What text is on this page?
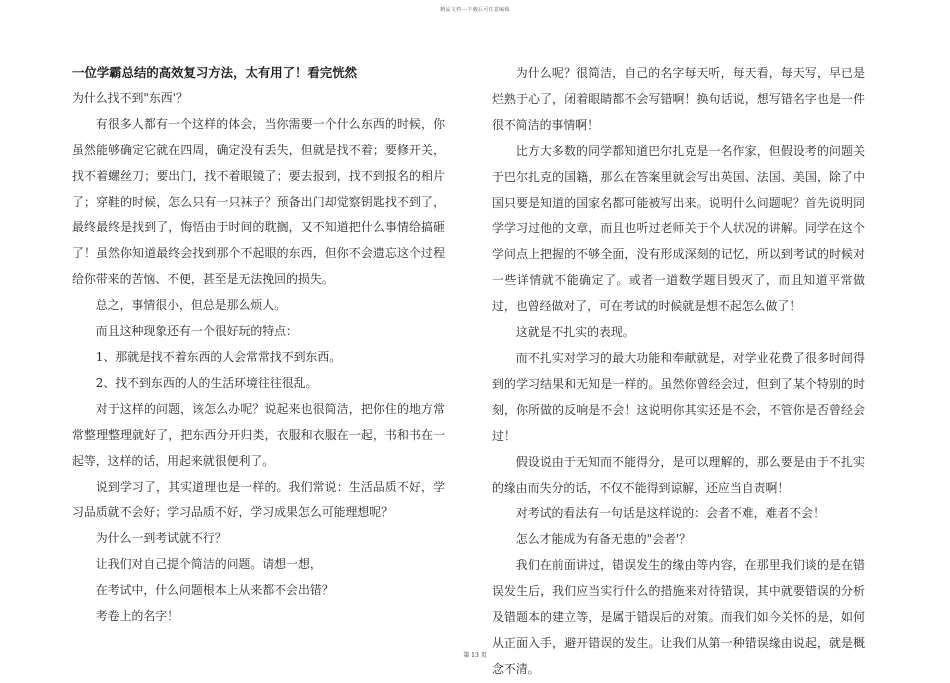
精品文档---下载后可任意编辑

一位学霸总结的高效复习方法，太有用了！看完恍然

为什么找不到"东西'？

有很多人都有一个这样的体会，当你需要一个什么东西的时候，你虽然能够确定它就在四周，确定没有丢失，但就是找不着；要修开关，找不着螺丝刀；要出门，找不着眼镜了；要去报到，找不到报名的相片了；穿鞋的时候，怎么只有一只袜子？预备出门却觉察钥匙找不到了，最终最终是找到了，悔悟由于时间的耽搁，又不知道把什么事情给搞砸了！虽然你知道最终会找到那个不起眼的东西，但你不会遗忘这个过程给你带来的苦恼、不便，甚至是无法挽回的损失。

总之，事情很小，但总是那么烦人。

而且这种现象还有一个很好玩的特点：

1、那就是找不着东西的人会常常找不到东西。

2、找不到东西的人的生活环境往往很乱。

对于这样的问题，该怎么办呢？说起来也很简洁，把你住的地方常常整理整理就好了，把东西分开归类，衣服和衣服在一起，书和书在一起等，这样的话，用起来就很便利了。

说到学习了，其实道理也是一样的。我们常说：生活品质不好，学习品质就不会好；学习品质不好，学习成果怎么可能理想呢？

为什么一到考试就不行？

让我们对自己提个简洁的问题。请想一想，

在考试中，什么问题根本上从来都不会出错？

考卷上的名字！

为什么呢？很简洁，自己的名字每天听，每天看，每天写，早已是烂熟于心了，闭着眼睛都不会写错啊！换句话说，想写错名字也是一件很不简洁的事情啊！

比方大多数的同学都知道巴尔扎克是一名作家，但假设考的问题关于巴尔扎克的国籍，那么在答案里就会写出英国、法国、美国，除了中国只要是知道的国家名都可能被写出来。说明什么问题呢？首先说明同学学习过他的文章，而且也听过老师关于个人状况的讲解。同学在这个学问点上把握的不够全面，没有形成深刻的记忆，所以到考试的时候对一些详情就不能确定了。或者一道数学题目毁灭了，而且知道平常做过，也曾经做对了，可在考试的时候就是想不起怎么做了！

这就是不扎实的表现。

而不扎实对学习的最大功能和奉献就是，对学业花费了很多时间得到的学习结果和无知是一样的。虽然你曾经会过，但到了某个特别的时刻，你所做的反响是不会！这说明你其实还是不会，不管你是否曾经会过！

假设说由于无知而不能得分，是可以理解的，那么要是由于不扎实的缘由而失分的话，不仅不能得到谅解，还应当自责啊！

对考试的看法有一句话是这样说的：会者不难，难者不会！

怎么才能成为有备无患的"会者'？

我们在前面讲过，错误发生的缘由等内容，在那里我们谈的是在错误发生后，我们应当实行什么的措施来对待错误，其中就要错误的分析及错题本的建立等，是属于错误后的对策。而我们如今关怀的是，如何从正面入手，避开错误的发生。让我们从第一种错误缘由说起，就是概念不清。

第 13 页
